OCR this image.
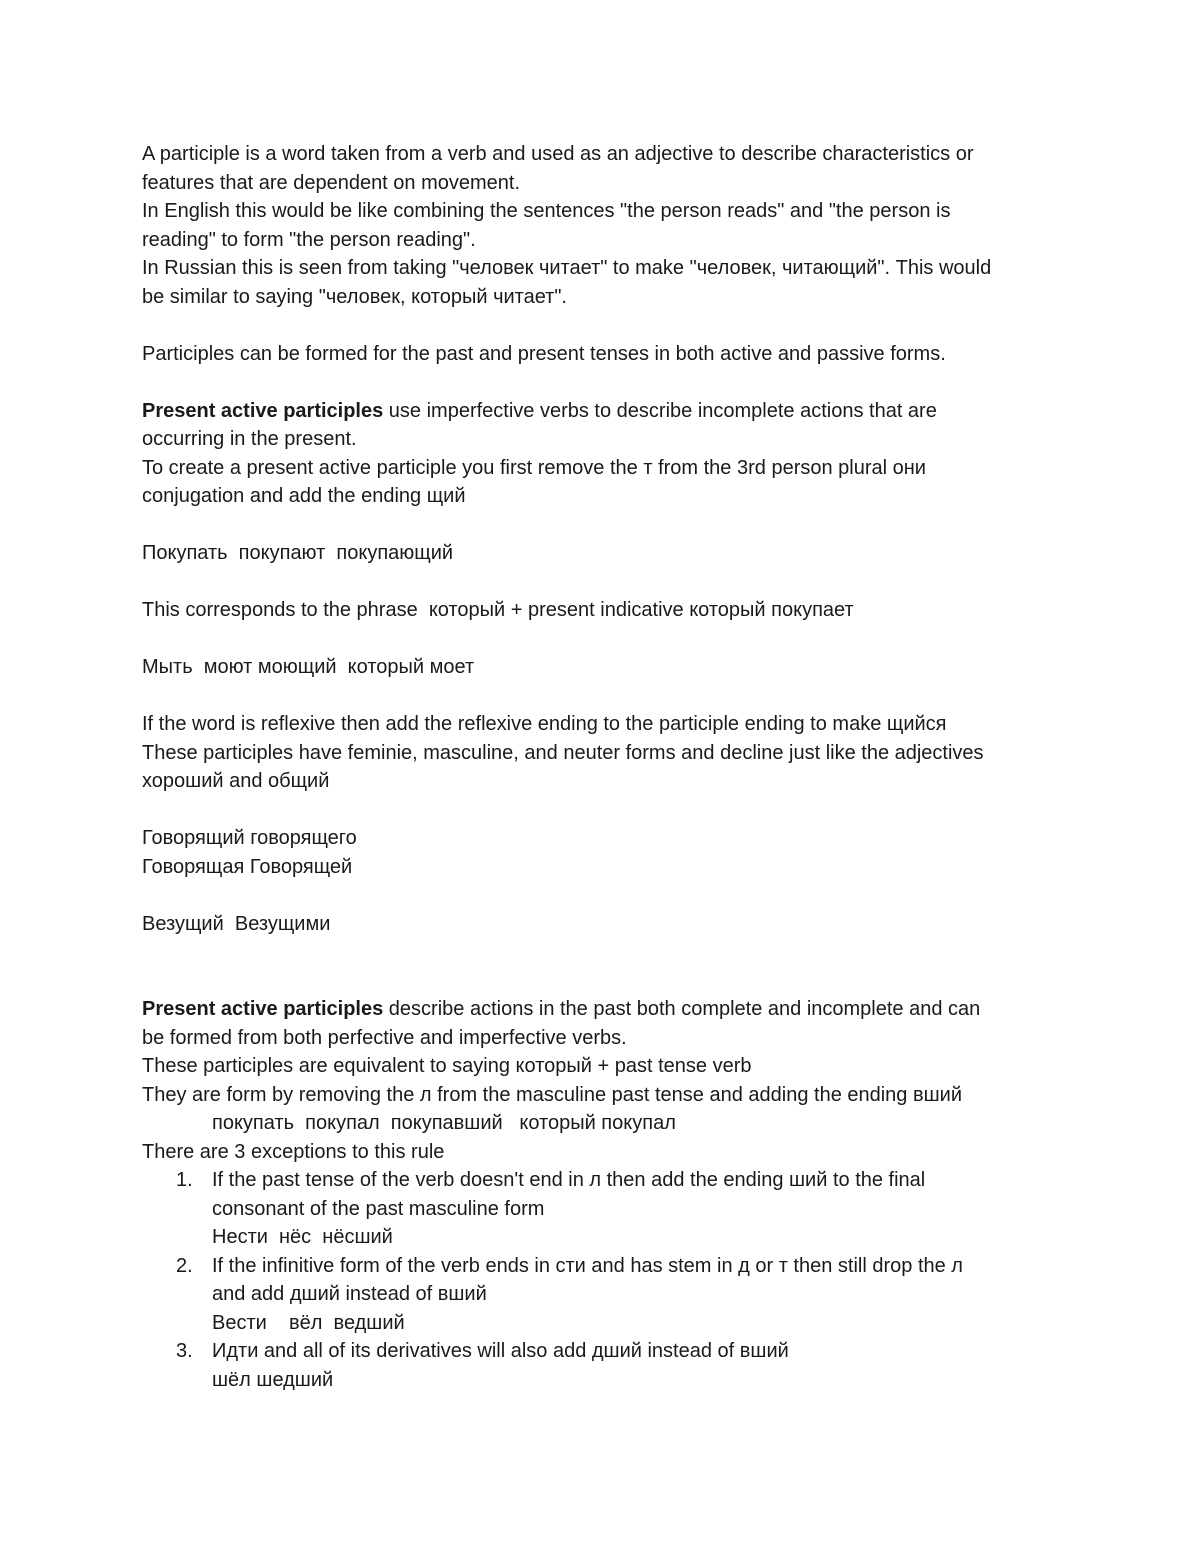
A participle is a word taken from a verb and used as an adjective to describe characteristics or
features that are dependent on movement.
In English this would be like combining the sentences "the person reads" and "the person is
reading" to form "the person reading".
In Russian this is seen from taking "человек читает" to make "человек, читающий". This would
be similar to saying "человек, который читает".
Participles can be formed for the past and present tenses in both active and passive forms.
Present active participles use imperfective verbs to describe incomplete actions that are
occurring in the present.
To create a present active participle you first remove the т from the 3rd person plural они
conjugation and add the ending щий
Покупать  покупают  покупающий
This corresponds to the phrase  который + present indicative который покупает
Мыть  моют моющий  который моет
If the word is reflexive then add the reflexive ending to the participle ending to make щийся
These participles have feminie, masculine, and neuter forms and decline just like the adjectives
хороший and общий
Говорящий говорящего
Говорящая Говорящей
Везущий  Везущими
Present active participles describe actions in the past both complete and incomplete and can
be formed from both perfective and imperfective verbs.
These participles are equivalent to saying который + past tense verb
They are form by removing the л from the masculine past tense and adding the ending вший
покупать  покупал  покупавший   который покупал
There are 3 exceptions to this rule
1. If the past tense of the verb doesn't end in л then add the ending ший to the final
consonant of the past masculine form
Нести  нёс  нёсший
2. If the infinitive form of the verb ends in сти and has stem in д or т then still drop the л
and add дший instead of вший
Вести    вёл  ведший
3. Идти and all of its derivatives will also add дший instead of вший
шёл шедший
